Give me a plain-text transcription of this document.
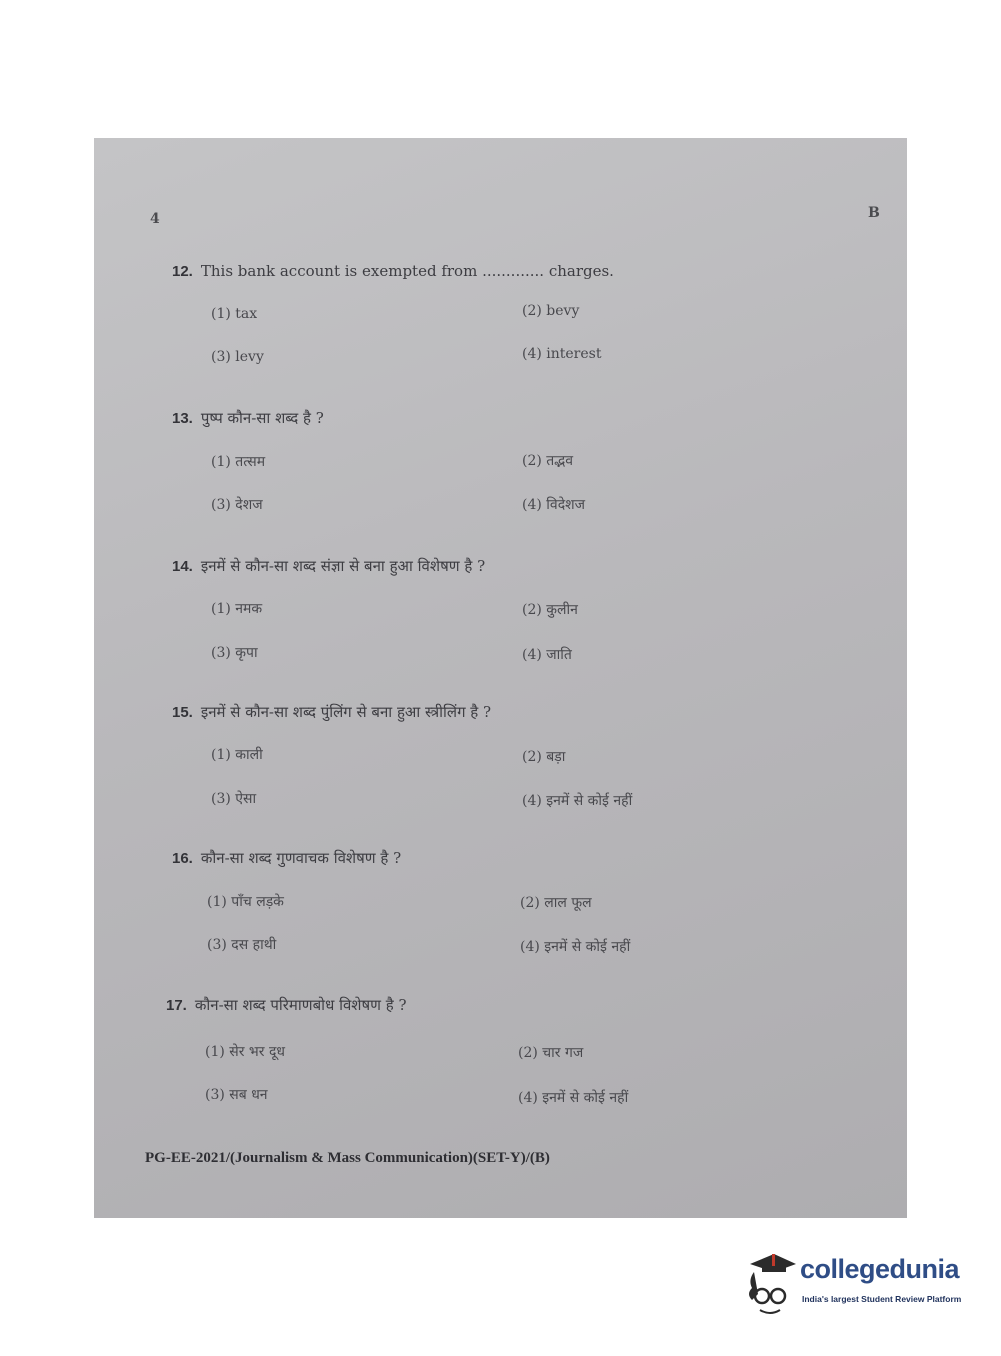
4	B
12. This bank account is exempted from ............. charges.
(1) tax	(2) bevy
(3) levy	(4) interest
13. पुष्प कौन-सा शब्द है ?
(1) तत्सम	(2) तद्भव
(3) देशज	(4) विदेशज
14. इनमें से कौन-सा शब्द संज्ञा से बना हुआ विशेषण है ?
(1) नमक	(2) कुलीन
(3) कृपा	(4) जाति
15. इनमें से कौन-सा शब्द पुंलिंग से बना हुआ स्त्रीलिंग है ?
(1) काली	(2) बड़ा
(3) ऐसा	(4) इनमें से कोई नहीं
16. कौन-सा शब्द गुणवाचक विशेषण है ?
(1) पाँच लड़के	(2) लाल फूल
(3) दस हाथी	(4) इनमें से कोई नहीं
17. कौन-सा शब्द परिमाणबोध विशेषण है ?
(1) सेर भर दूध	(2) चार गज
(3) सब धन	(4) इनमें से कोई नहीं
PG-EE-2021/(Journalism & Mass Communication)(SET-Y)/(B)
collegedunia
India's largest Student Review Platform
